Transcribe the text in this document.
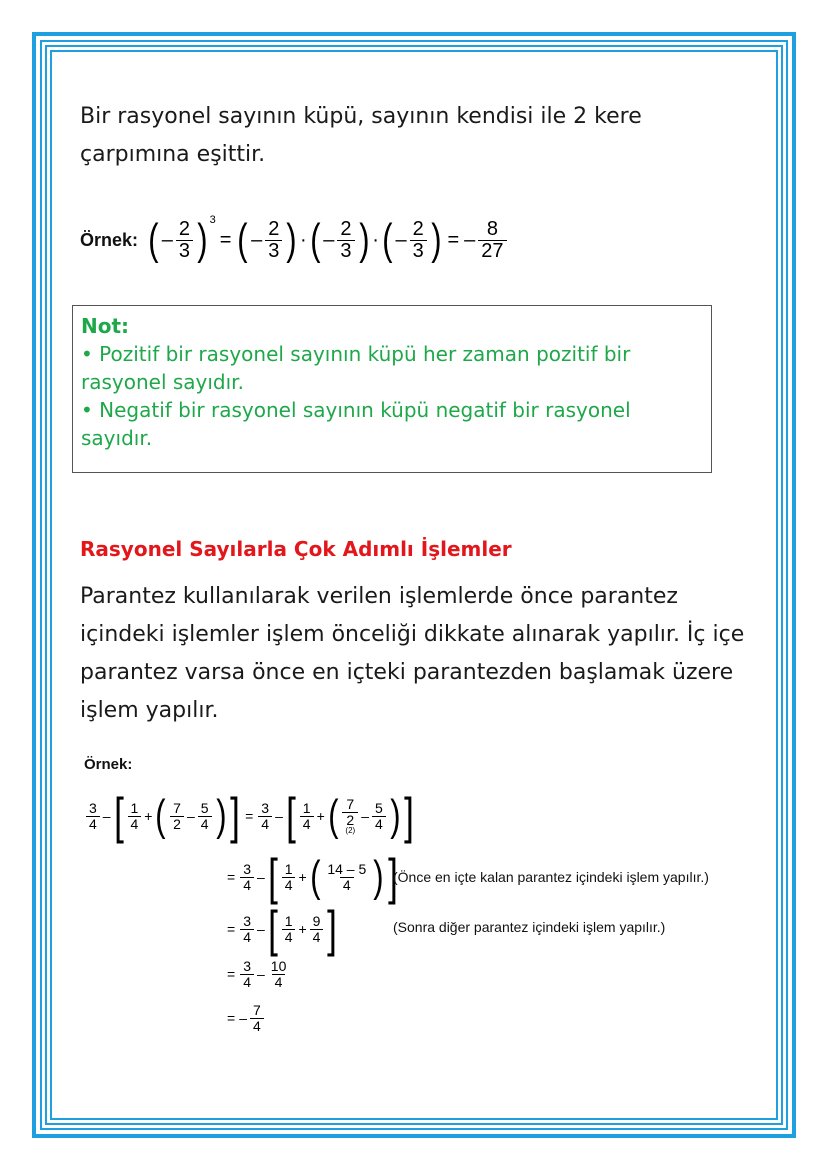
Bir rasyonel sayının küpü, sayının kendisi ile 2 kere çarpımına eşittir.

Örnek: ( – $\frac{2}{3} )^3$
= ( – $\frac{2}{3}$ ) · ( – $\frac{2}{3}$ ) · ( – $\frac{2}{3}$ ) = – $\frac{8}{27}$
Not:
• Pozitif bir rasyonel sayının küpü her zaman pozitif bir rasyonel sayıdır.
• Negatif bir rasyonel sayının küpü negatif bir rasyonel sayıdır.
Rasyonel Sayılarla Çok Adımlı İşlemler

Parantez kullanılarak verilen işlemlerde önce parantez içindeki işlemler işlem önceliği dikkate alınarak yapılır. İç içe parantez varsa önce en içteki parantezden başlamak üzere işlem yapılır.

Örnek:
$\frac{3}{4}$ – [ $\frac{1}{4}$ + ( $\frac{7}{2} - \frac{5}{4}$ ) ] = $\frac{3}{4}$ – [ $\frac{1}{4}$ + ( 7
2
$(2) - \frac{5}{4}$ ) ]
= $\frac{3}{4}$ – [ $\frac{1}{4}$ + ( $\frac{14 - 5}{4}$ ) ]
(Önce en içte kalan parantez içindeki işlem yapılır.)
= $\frac{3}{4}$ – [ $\frac{1}{4} + \frac{9}{4}$ ]	(Sonra diğer parantez içindeki işlem yapılır.)
= $\frac{3}{4} - \frac{10}{4}$
= – $\frac{7}{4}$
